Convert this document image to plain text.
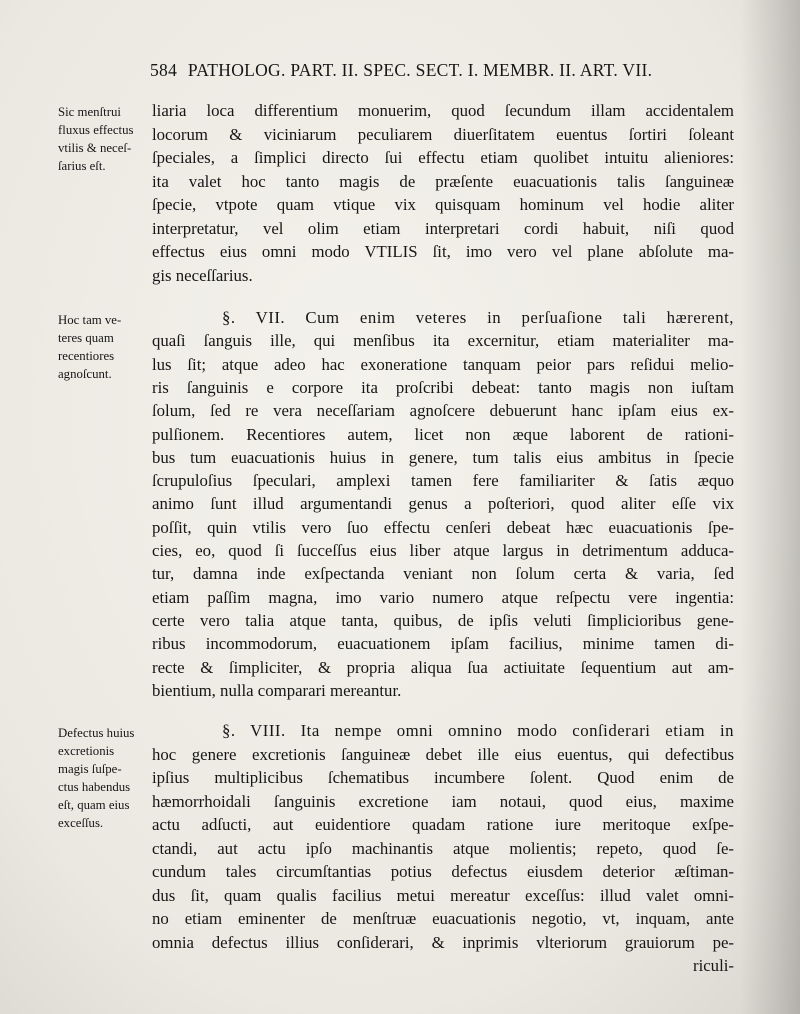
584 PATHOLOG. PART. II. SPEC. SECT. I. MEMBR. II. ART. VII.
Sic menſtrui
fluxus effectus
vtilis & neceſ-
ſarius eſt.
Hoc tam ve-
teres quam
recentiores
agnoſcunt.
Defectus huius
excretionis
magis ſuſpe-
ctus habendus
eſt, quam eius
exceſſus.
liaria loca differentium monuerim, quod ſecundum illam accidentalem
locorum & viciniarum peculiarem diuerſitatem euentus ſortiri ſoleant
ſpeciales, a ſimplici directo ſui effectu etiam quolibet intuitu alieniores:
ita valet hoc tanto magis de præſente euacuationis talis ſanguineæ
ſpecie, vtpote quam vtique vix quisquam hominum vel hodie aliter
interpretatur, vel olim etiam interpretari cordi habuit, niſi quod
effectus eius omni modo VTILIS ſit, imo vero vel plane abſolute ma-
gis neceſſarius.
§. VII. Cum enim veteres in perſuaſione tali hærerent,
quaſi ſanguis ille, qui menſibus ita excernitur, etiam materialiter ma-
lus ſit; atque adeo hac exoneratione tanquam peior pars reſidui melio-
ris ſanguinis e corpore ita proſcribi debeat: tanto magis non iuſtam
ſolum, ſed re vera neceſſariam agnoſcere debuerunt hanc ipſam eius ex-
pulſionem. Recentiores autem, licet non æque laborent de rationi-
bus tum euacuationis huius in genere, tum talis eius ambitus in ſpecie
ſcrupuloſius ſpeculari, amplexi tamen fere familiariter & ſatis æquo
animo ſunt illud argumentandi genus a poſteriori, quod aliter eſſe vix
poſſit, quin vtilis vero ſuo effectu cenſeri debeat hæc euacuationis ſpe-
cies, eo, quod ſi ſucceſſus eius liber atque largus in detrimentum adduca-
tur, damna inde exſpectanda veniant non ſolum certa & varia, ſed
etiam paſſim magna, imo vario numero atque reſpectu vere ingentia:
certe vero talia atque tanta, quibus, de ipſis veluti ſimplicioribus gene-
ribus incommodorum, euacuationem ipſam facilius, minime tamen di-
recte & ſimpliciter, & propria aliqua ſua actiuitate ſequentium aut am-
bientium, nulla comparari mereantur.
§. VIII. Ita nempe omni omnino modo conſiderari etiam in
hoc genere excretionis ſanguineæ debet ille eius euentus, qui defectibus
ipſius multiplicibus ſchematibus incumbere ſolent. Quod enim de
hæmorrhoidali ſanguinis excretione iam notaui, quod eius, maxime
actu adſucti, aut euidentiore quadam ratione iure meritoque exſpe-
ctandi, aut actu ipſo machinantis atque molientis; repeto, quod ſe-
cundum tales circumſtantias potius defectus eiusdem deterior æſtiman-
dus ſit, quam qualis facilius metui mereatur exceſſus: illud valet omni-
no etiam eminenter de menſtruæ euacuationis negotio, vt, inquam, ante
omnia defectus illius conſiderari, & inprimis vlteriorum grauiorum pe-
riculi-
